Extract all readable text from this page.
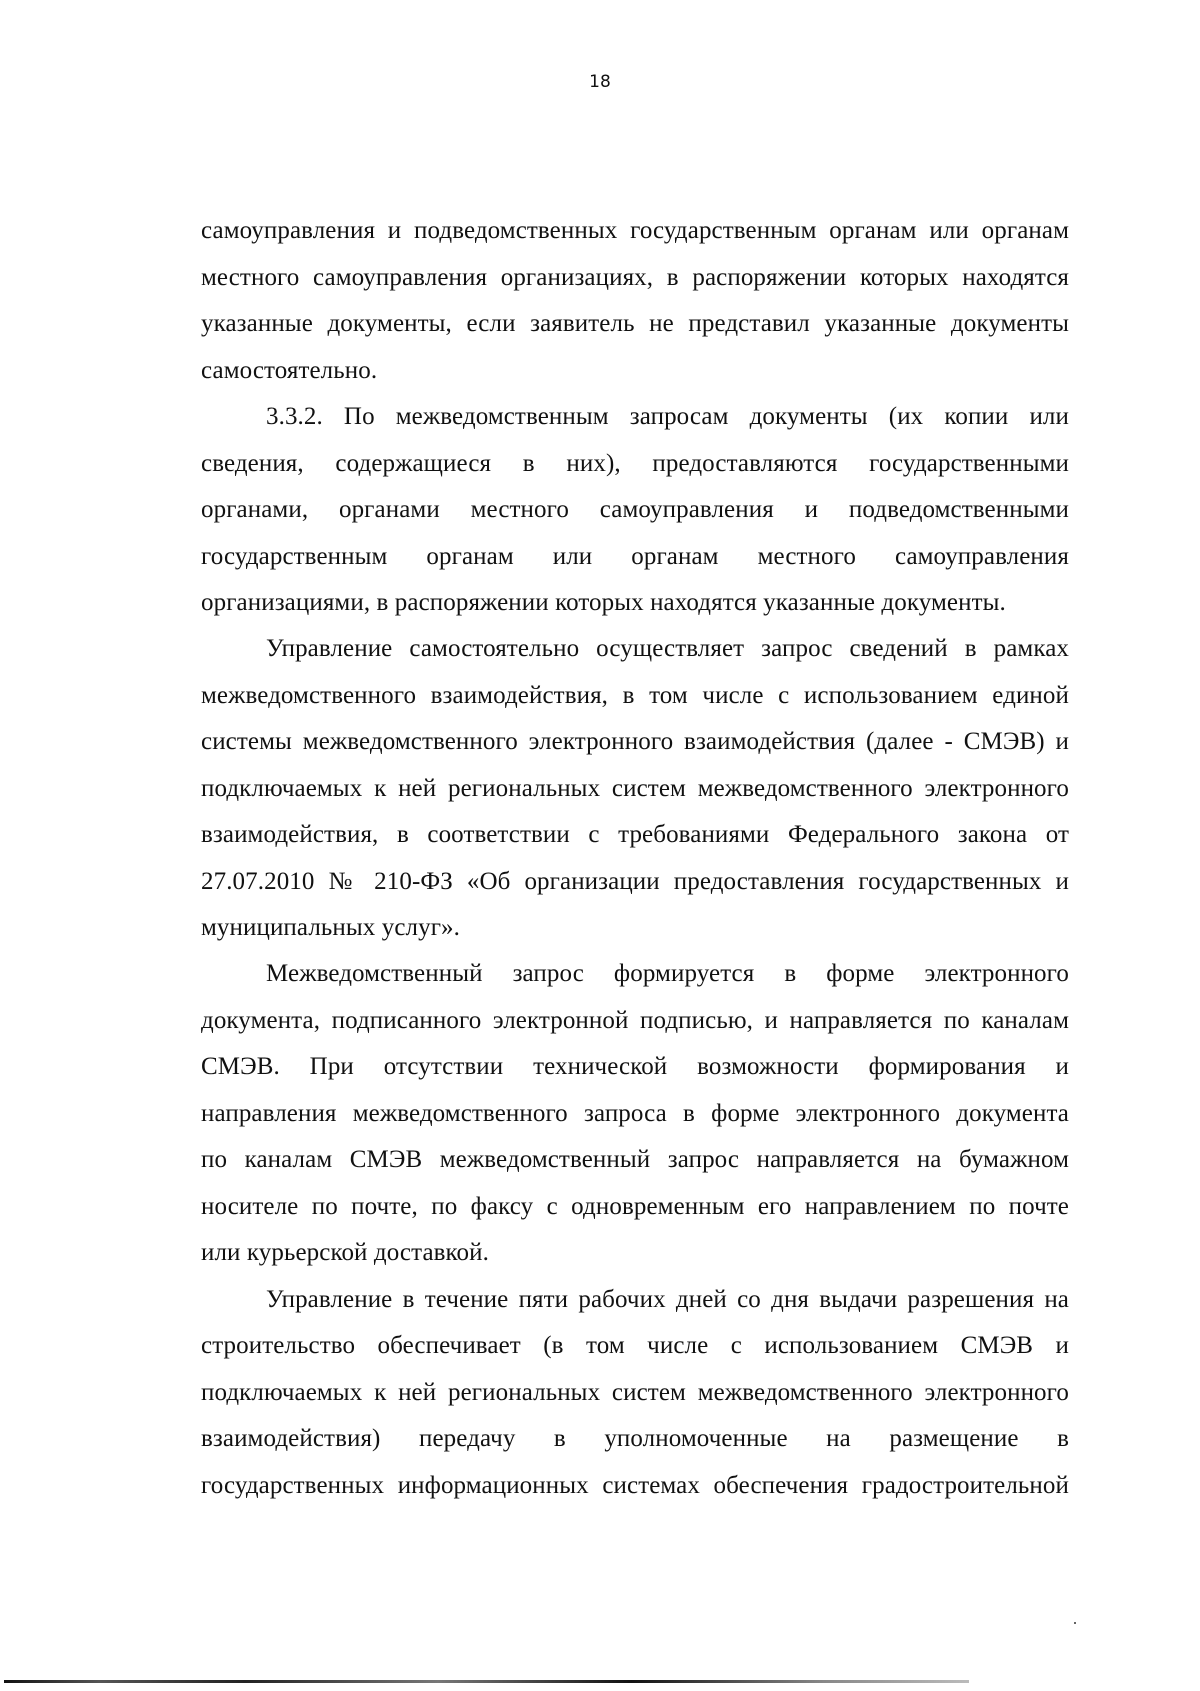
18
самоуправления и подведомственных государственным органам или органам
местного самоуправления организациях, в распоряжении которых находятся
указанные документы, если заявитель не представил указанные документы
самостоятельно.
3.3.2. По межведомственным запросам документы (их копии или
сведения, содержащиеся в них), предоставляются государственными
органами, органами местного самоуправления и подведомственными
государственным органам или органам местного самоуправления
организациями, в распоряжении которых находятся указанные документы.
Управление самостоятельно осуществляет запрос сведений в рамках
межведомственного взаимодействия, в том числе с использованием единой
системы межведомственного электронного взаимодействия (далее - СМЭВ) и
подключаемых к ней региональных систем межведомственного электронного
взаимодействия, в соответствии с требованиями Федерального закона от
27.07.2010 № 210-ФЗ «Об организации предоставления государственных и
муниципальных услуг».
Межведомственный запрос формируется в форме электронного
документа, подписанного электронной подписью, и направляется по каналам
СМЭВ. При отсутствии технической возможности формирования и
направления межведомственного запроса в форме электронного документа
по каналам СМЭВ межведомственный запрос направляется на бумажном
носителе по почте, по факсу с одновременным его направлением по почте
или курьерской доставкой.
Управление в течение пяти рабочих дней со дня выдачи разрешения на
строительство обеспечивает (в том числе с использованием СМЭВ и
подключаемых к ней региональных систем межведомственного электронного
взаимодействия) передачу в уполномоченные на размещение в
государственных информационных системах обеспечения градостроительной
